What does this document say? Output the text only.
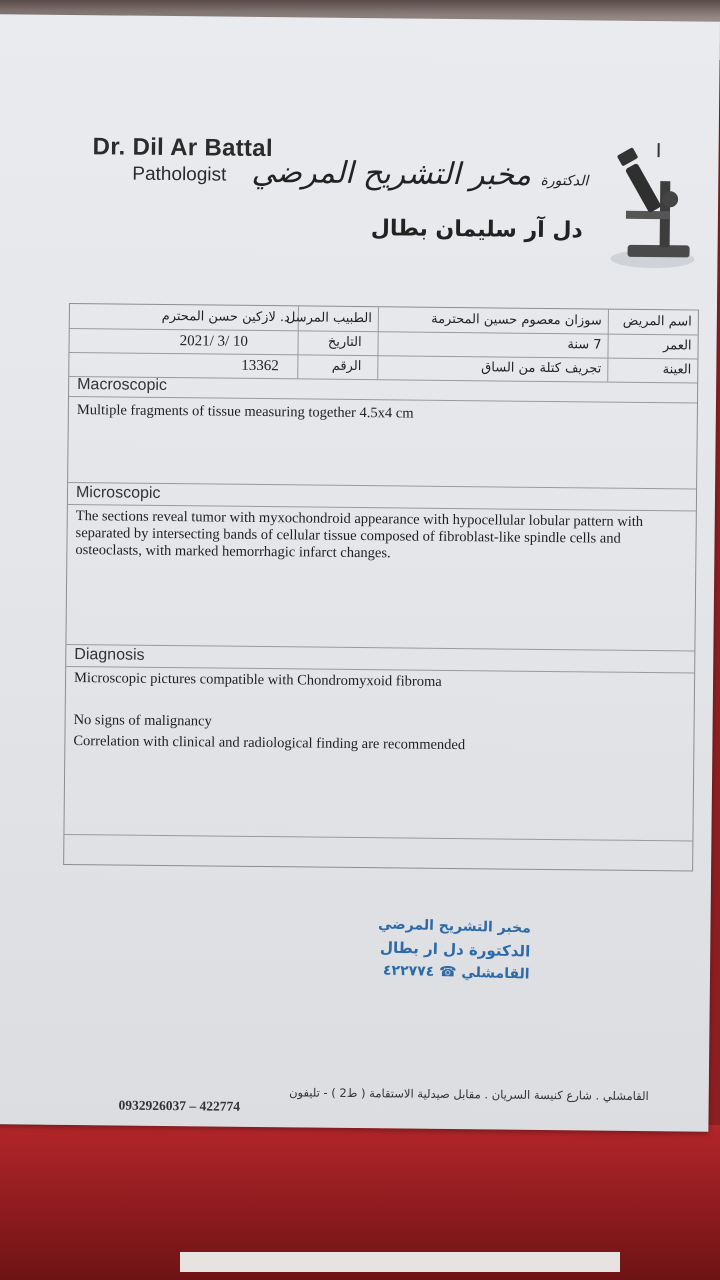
Dr. Dil Ar Battal
Pathologist	الدكتورة مخبر التشريح المرضي
دل آر سليمان بطال
اسم المريض
سوزان معصوم حسين المحترمة
الطبيب المرسل
د. لازكين حسن المحترم
العمر
7 سنة
التاريخ
2021/ 3/ 10
العينة
تجريف كتلة من الساق
الرقم
13362
Macroscopic
Multiple fragments of tissue measuring together 4.5x4 cm
Microscopic
The sections reveal tumor with myxochondroid appearance with hypocellular lobular pattern with separated by intersecting bands of cellular tissue composed of fibroblast-like spindle cells and osteoclasts, with marked hemorrhagic infarct changes.
Diagnosis
Microscopic pictures compatible with Chondromyxoid fibroma
No signs of malignancy
Correlation with clinical and radiological finding are recommended
مخبر التشريح المرضي
الدكتورة دل ار بطال
القامشلي ☎ ٤٢٢٧٧٤
القامشلي . شارع كنيسة السريان . مقابل صيدلية الاستقامة ( ط2 ) - تليفون
0932926037 – 422774
